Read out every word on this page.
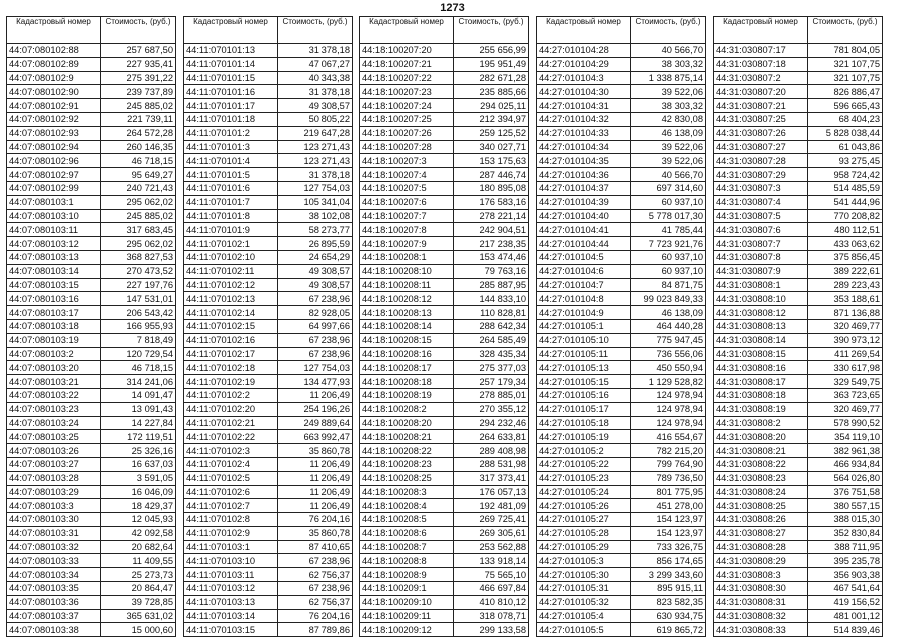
1273
Кадастровый номер	Стоимость, (руб.)
44:07:080102:88	257 687,50
44:07:080102:89	227 935,41
44:07:080102:9	275 391,22
44:07:080102:90	239 737,89
44:07:080102:91	245 885,02
44:07:080102:92	221 739,11
44:07:080102:93	264 572,28
44:07:080102:94	260 146,35
44:07:080102:96	46 718,15
44:07:080102:97	95 649,27
44:07:080102:99	240 721,43
44:07:080103:1	295 062,02
44:07:080103:10	245 885,02
44:07:080103:11	317 683,45
44:07:080103:12	295 062,02
44:07:080103:13	368 827,53
44:07:080103:14	270 473,52
44:07:080103:15	227 197,76
44:07:080103:16	147 531,01
44:07:080103:17	206 543,42
44:07:080103:18	166 955,93
44:07:080103:19	7 818,49
44:07:080103:2	120 729,54
44:07:080103:20	46 718,15
44:07:080103:21	314 241,06
44:07:080103:22	14 091,47
44:07:080103:23	13 091,43
44:07:080103:24	14 227,84
44:07:080103:25	172 119,51
44:07:080103:26	25 326,16
44:07:080103:27	16 637,03
44:07:080103:28	3 591,05
44:07:080103:29	16 046,09
44:07:080103:3	18 429,37
44:07:080103:30	12 045,93
44:07:080103:31	42 092,58
44:07:080103:32	20 682,64
44:07:080103:33	11 409,55
44:07:080103:34	25 273,73
44:07:080103:35	20 864,47
44:07:080103:36	39 728,85
44:07:080103:37	365 631,02
44:07:080103:38	15 000,60
Кадастровый номер	Стоимость, (руб.)
44:11:070101:13	31 378,18
44:11:070101:14	47 067,27
44:11:070101:15	40 343,38
44:11:070101:16	31 378,18
44:11:070101:17	49 308,57
44:11:070101:18	50 805,22
44:11:070101:2	219 647,28
44:11:070101:3	123 271,43
44:11:070101:4	123 271,43
44:11:070101:5	31 378,18
44:11:070101:6	127 754,03
44:11:070101:7	105 341,04
44:11:070101:8	38 102,08
44:11:070101:9	58 273,77
44:11:070102:1	26 895,59
44:11:070102:10	24 654,29
44:11:070102:11	49 308,57
44:11:070102:12	49 308,57
44:11:070102:13	67 238,96
44:11:070102:14	82 928,05
44:11:070102:15	64 997,66
44:11:070102:16	67 238,96
44:11:070102:17	67 238,96
44:11:070102:18	127 754,03
44:11:070102:19	134 477,93
44:11:070102:2	11 206,49
44:11:070102:20	254 196,26
44:11:070102:21	249 889,64
44:11:070102:22	663 992,47
44:11:070102:3	35 860,78
44:11:070102:4	11 206,49
44:11:070102:5	11 206,49
44:11:070102:6	11 206,49
44:11:070102:7	11 206,49
44:11:070102:8	76 204,16
44:11:070102:9	35 860,78
44:11:070103:1	87 410,65
44:11:070103:10	67 238,96
44:11:070103:11	62 756,37
44:11:070103:12	67 238,96
44:11:070103:13	62 756,37
44:11:070103:14	76 204,16
44:11:070103:15	87 789,86
Кадастровый номер	Стоимость, (руб.)
44:18:100207:20	255 656,99
44:18:100207:21	195 951,49
44:18:100207:22	282 671,28
44:18:100207:23	235 885,66
44:18:100207:24	294 025,11
44:18:100207:25	212 394,97
44:18:100207:26	259 125,52
44:18:100207:28	340 027,71
44:18:100207:3	153 175,63
44:18:100207:4	287 446,74
44:18:100207:5	180 895,08
44:18:100207:6	176 583,16
44:18:100207:7	278 221,14
44:18:100207:8	242 904,51
44:18:100207:9	217 238,35
44:18:100208:1	153 474,46
44:18:100208:10	79 763,16
44:18:100208:11	285 887,95
44:18:100208:12	144 833,10
44:18:100208:13	110 828,81
44:18:100208:14	288 642,34
44:18:100208:15	264 585,49
44:18:100208:16	328 435,34
44:18:100208:17	275 377,03
44:18:100208:18	257 179,34
44:18:100208:19	278 885,01
44:18:100208:2	270 355,12
44:18:100208:20	294 232,46
44:18:100208:21	264 633,81
44:18:100208:22	289 408,98
44:18:100208:23	288 531,98
44:18:100208:25	317 373,41
44:18:100208:3	176 057,13
44:18:100208:4	192 481,09
44:18:100208:5	269 725,41
44:18:100208:6	269 305,61
44:18:100208:7	253 562,88
44:18:100208:8	133 918,14
44:18:100208:9	75 565,10
44:18:100209:1	466 697,84
44:18:100209:10	410 810,12
44:18:100209:11	318 078,71
44:18:100209:12	299 133,58
Кадастровый номер	Стоимость, (руб.)
44:27:010104:28	40 566,70
44:27:010104:29	38 303,32
44:27:010104:3	1 338 875,14
44:27:010104:30	39 522,06
44:27:010104:31	38 303,32
44:27:010104:32	42 830,08
44:27:010104:33	46 138,09
44:27:010104:34	39 522,06
44:27:010104:35	39 522,06
44:27:010104:36	40 566,70
44:27:010104:37	697 314,60
44:27:010104:39	60 937,10
44:27:010104:40	5 778 017,30
44:27:010104:41	41 785,44
44:27:010104:44	7 723 921,76
44:27:010104:5	60 937,10
44:27:010104:6	60 937,10
44:27:010104:7	84 871,75
44:27:010104:8	99 023 849,33
44:27:010104:9	46 138,09
44:27:010105:1	464 440,28
44:27:010105:10	775 947,45
44:27:010105:11	736 556,06
44:27:010105:13	450 550,94
44:27:010105:15	1 129 528,82
44:27:010105:16	124 978,94
44:27:010105:17	124 978,94
44:27:010105:18	124 978,94
44:27:010105:19	416 554,67
44:27:010105:2	782 215,20
44:27:010105:22	799 764,90
44:27:010105:23	789 736,50
44:27:010105:24	801 775,95
44:27:010105:26	451 278,00
44:27:010105:27	154 123,97
44:27:010105:28	154 123,97
44:27:010105:29	733 326,75
44:27:010105:3	856 174,65
44:27:010105:30	3 299 343,60
44:27:010105:31	895 915,11
44:27:010105:32	823 582,35
44:27:010105:4	630 934,75
44:27:010105:5	619 865,72
Кадастровый номер	Стоимость, (руб.)
44:31:030807:17	781 804,05
44:31:030807:18	321 107,75
44:31:030807:2	321 107,75
44:31:030807:20	826 886,47
44:31:030807:21	596 665,43
44:31:030807:25	68 404,23
44:31:030807:26	5 828 038,44
44:31:030807:27	61 043,86
44:31:030807:28	93 275,45
44:31:030807:29	958 724,42
44:31:030807:3	514 485,59
44:31:030807:4	541 444,96
44:31:030807:5	770 208,82
44:31:030807:6	480 112,51
44:31:030807:7	433 063,62
44:31:030807:8	375 856,45
44:31:030807:9	389 222,61
44:31:030808:1	289 223,43
44:31:030808:10	353 188,61
44:31:030808:12	871 136,88
44:31:030808:13	320 469,77
44:31:030808:14	390 973,12
44:31:030808:15	411 269,54
44:31:030808:16	330 617,98
44:31:030808:17	329 549,75
44:31:030808:18	363 723,65
44:31:030808:19	320 469,77
44:31:030808:2	578 990,52
44:31:030808:20	354 119,10
44:31:030808:21	382 961,38
44:31:030808:22	466 934,84
44:31:030808:23	564 026,80
44:31:030808:24	376 751,58
44:31:030808:25	380 557,15
44:31:030808:26	388 015,30
44:31:030808:27	352 830,84
44:31:030808:28	388 711,95
44:31:030808:29	395 235,78
44:31:030808:3	356 903,38
44:31:030808:30	467 541,64
44:31:030808:31	419 156,52
44:31:030808:32	481 001,12
44:31:030808:33	514 839,46
